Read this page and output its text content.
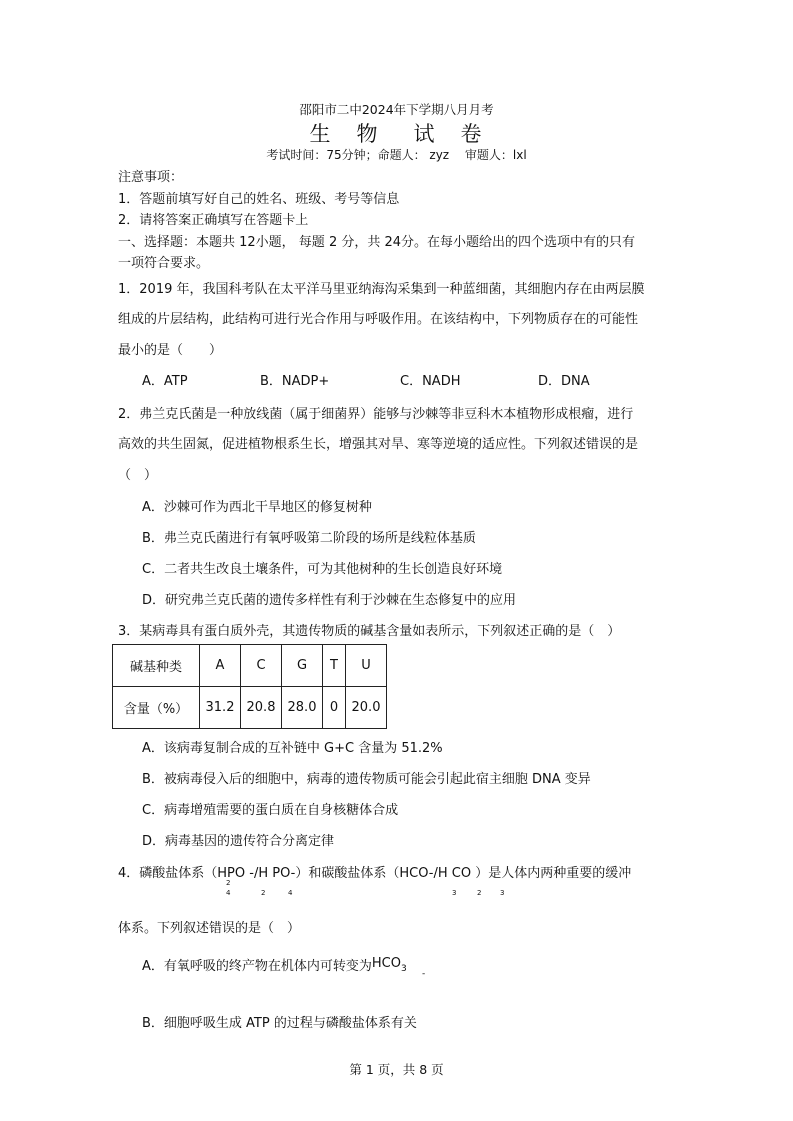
邵阳市二中2024年下学期八月月考
生 物 试 卷
考试时间：75分钟；命题人： zyz　 审题人：lxl
注意事项：
1．答题前填写好自己的姓名、班级、考号等信息
2．请将答案正确填写在答题卡上
一、选择题：本题共 12小题， 每题 2 分，共 24分。在每小题给出的四个选项中有的只有
一项符合要求。
1．2019 年，我国科考队在太平洋马里亚纳海沟采集到一种蓝细菌，其细胞内存在由两层膜
组成的片层结构，此结构可进行光合作用与呼吸作用。在该结构中，下列物质存在的可能性
最小的是（　　）
A．ATP	B．NADP+	C．NADH	D．DNA
2．弗兰克氏菌是一种放线菌（属于细菌界）能够与沙棘等非豆科木本植物形成根瘤，进行
高效的共生固氮，促进植物根系生长，增强其对旱、寒等逆境的适应性。下列叙述错误的是
（　）
A．沙棘可作为西北干旱地区的修复树种
B．弗兰克氏菌进行有氧呼吸第二阶段的场所是线粒体基质
C．二者共生改良土壤条件，可为其他树种的生长创造良好环境
D．研究弗兰克氏菌的遗传多样性有利于沙棘在生态修复中的应用
3．某病毒具有蛋白质外壳，其遗传物质的碱基含量如表所示，下列叙述正确的是（　）
碱基种类	A	C	G	T	U
含量（%）	31.2	20.8	28.0	0	20.0
A．该病毒复制合成的互补链中 G+C 含量为 51.2%
B．被病毒侵入后的细胞中，病毒的遗传物质可能会引起此宿主细胞 DNA 变异
C．病毒增殖需要的蛋白质在自身核糖体合成
D．病毒基因的遗传符合分离定律
4．磷酸盐体系（HPO -/H PO-）和碳酸盐体系（HCO-/H CO ）是人体内两种重要的缓冲
2
4	2	4	3	2	3
体系。下列叙述错误的是（　）
A．有氧呼吸的终产物在机体内可转变为HCO3 -
B．细胞呼吸生成 ATP 的过程与磷酸盐体系有关
第 1 页，共 8 页
